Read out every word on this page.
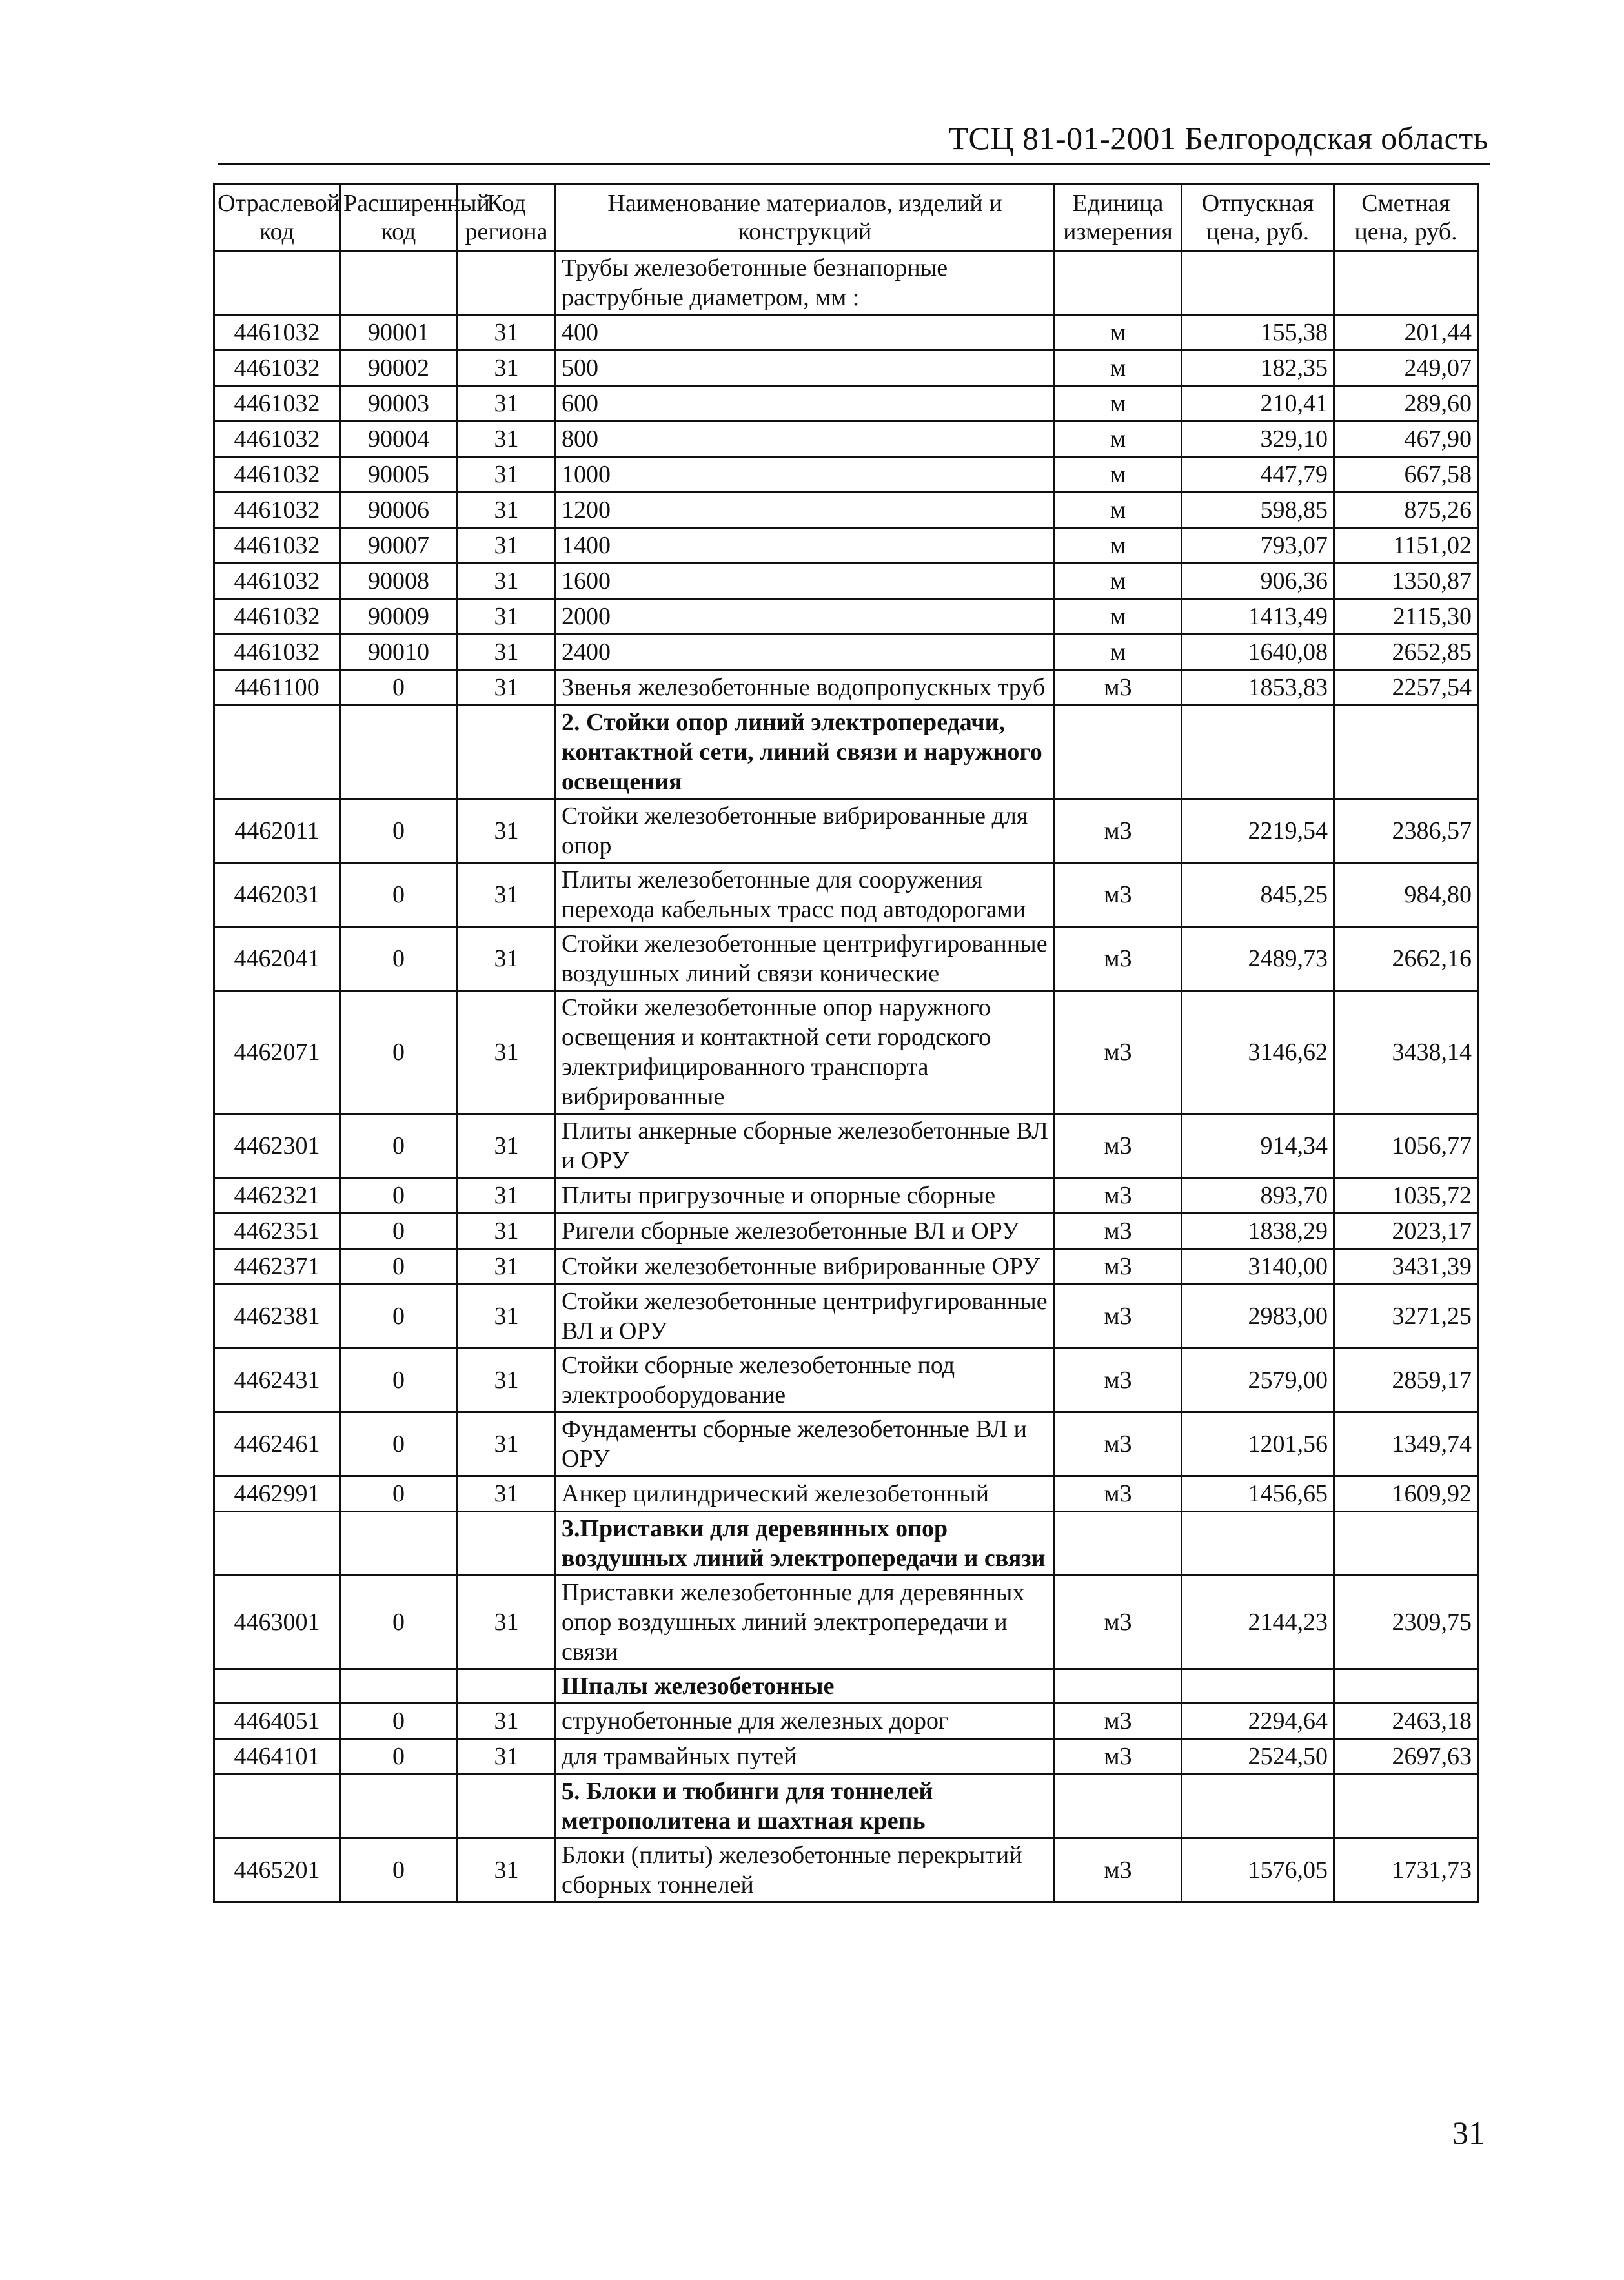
ТСЦ 81-01-2001 Белгородская область
Отраслевой код	Расширенный код	Код региона	Наименование материалов, изделий и конструкций	Единица измерения	Отпускная цена, руб.	Сметная цена, руб.
			Трубы железобетонные безнапорные раструбные диаметром, мм :			
4461032	90001	31	400	м	155,38	201,44
4461032	90002	31	500	м	182,35	249,07
4461032	90003	31	600	м	210,41	289,60
4461032	90004	31	800	м	329,10	467,90
4461032	90005	31	1000	м	447,79	667,58
4461032	90006	31	1200	м	598,85	875,26
4461032	90007	31	1400	м	793,07	1151,02
4461032	90008	31	1600	м	906,36	1350,87
4461032	90009	31	2000	м	1413,49	2115,30
4461032	90010	31	2400	м	1640,08	2652,85
4461100	0	31	Звенья железобетонные водопропускных труб	м3	1853,83	2257,54
			2. Стойки опор линий электропередачи, контактной сети, линий связи и наружного освещения			
4462011	0	31	Стойки железобетонные вибрированные для опор	м3	2219,54	2386,57
4462031	0	31	Плиты железобетонные для сооружения перехода кабельных трасс под автодорогами	м3	845,25	984,80
4462041	0	31	Стойки железобетонные центрифугированные воздушных линий связи конические	м3	2489,73	2662,16
4462071	0	31	Стойки железобетонные опор наружного освещения и контактной сети городского электрифицированного транспорта вибрированные	м3	3146,62	3438,14
4462301	0	31	Плиты анкерные сборные железобетонные ВЛ и ОРУ	м3	914,34	1056,77
4462321	0	31	Плиты пригрузочные и опорные сборные	м3	893,70	1035,72
4462351	0	31	Ригели сборные железобетонные ВЛ и ОРУ	м3	1838,29	2023,17
4462371	0	31	Стойки железобетонные вибрированные ОРУ	м3	3140,00	3431,39
4462381	0	31	Стойки железобетонные центрифугированные ВЛ и ОРУ	м3	2983,00	3271,25
4462431	0	31	Стойки сборные железобетонные под электрооборудование	м3	2579,00	2859,17
4462461	0	31	Фундаменты сборные железобетонные ВЛ и ОРУ	м3	1201,56	1349,74
4462991	0	31	Анкер цилиндрический железобетонный	м3	1456,65	1609,92
			3.Приставки для деревянных опор воздушных линий электропередачи и связи			
4463001	0	31	Приставки железобетонные для деревянных опор воздушных линий электропередачи и связи	м3	2144,23	2309,75
			Шпалы железобетонные			
4464051	0	31	струнобетонные для железных дорог	м3	2294,64	2463,18
4464101	0	31	для трамвайных путей	м3	2524,50	2697,63
			5. Блоки и тюбинги для тоннелей метрополитена и шахтная крепь			
4465201	0	31	Блоки (плиты) железобетонные перекрытий сборных тоннелей	м3	1576,05	1731,73
31
